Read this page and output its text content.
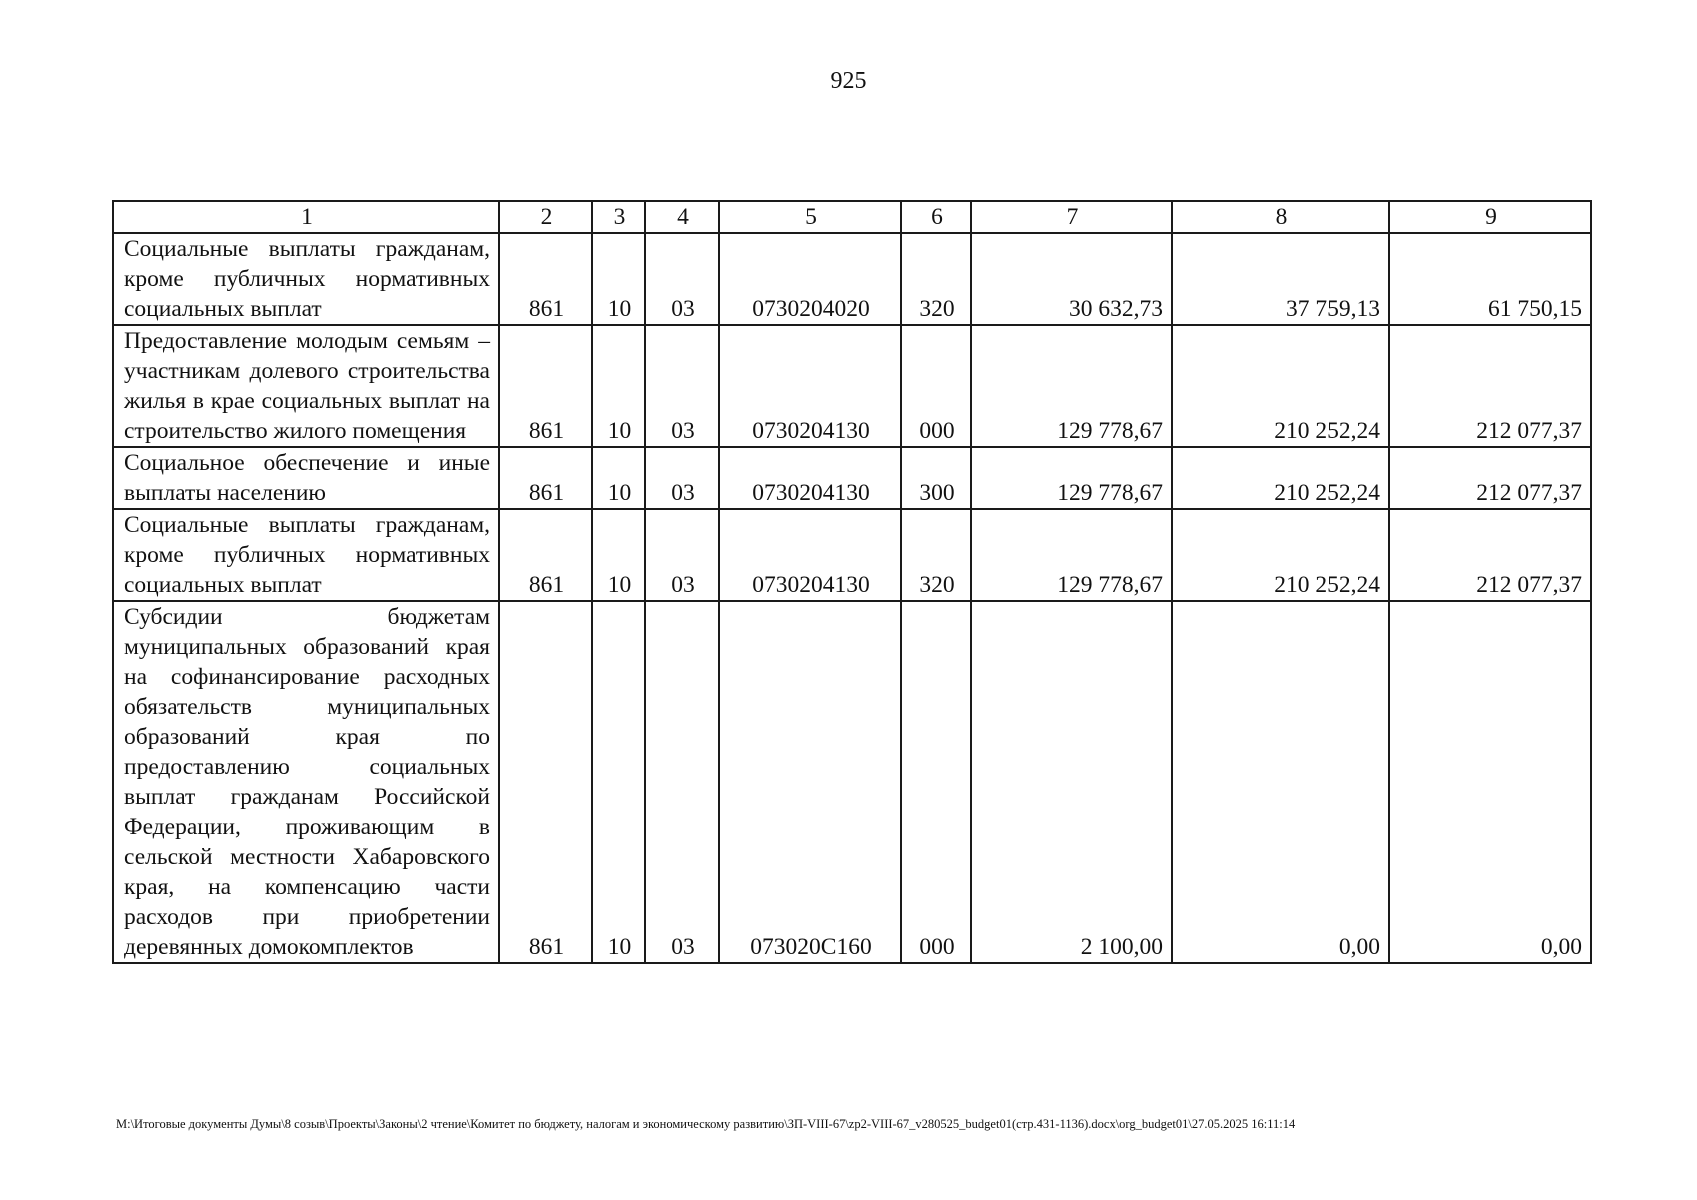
925
1	2	3	4	5	6	7	8	9
Социальные выплаты гражданам, кроме публичных нормативных социальных выплат	861	10	03	0730204020	320	30 632,73	37 759,13	61 750,15
Предоставление молодым семьям – участникам долевого строительства жилья в крае социальных выплат на строительство жилого помещения	861	10	03	0730204130	000	129 778,67	210 252,24	212 077,37
Социальное обеспечение и иные выплаты населению	861	10	03	0730204130	300	129 778,67	210 252,24	212 077,37
Социальные выплаты гражданам, кроме публичных нормативных социальных выплат	861	10	03	0730204130	320	129 778,67	210 252,24	212 077,37
Субсидии бюджетам муниципальных образований края на софинансирование расходных обязательств муниципальных образований края по предоставлению социальных выплат гражданам Российской Федерации, проживающим в сельской местности Хабаровского края, на компенсацию части расходов при приобретении деревянных домокомплектов	861	10	03	073020С160	000	2 100,00	0,00	0,00
M:\Итоговые документы Думы\8 созыв\Проекты\Законы\2 чтение\Комитет по бюджету, налогам и экономическому развитию\ЗП-VIII-67\zp2-VIII-67_v280525_budget01(стр.431-1136).docx\org_budget01\27.05.2025 16:11:14
